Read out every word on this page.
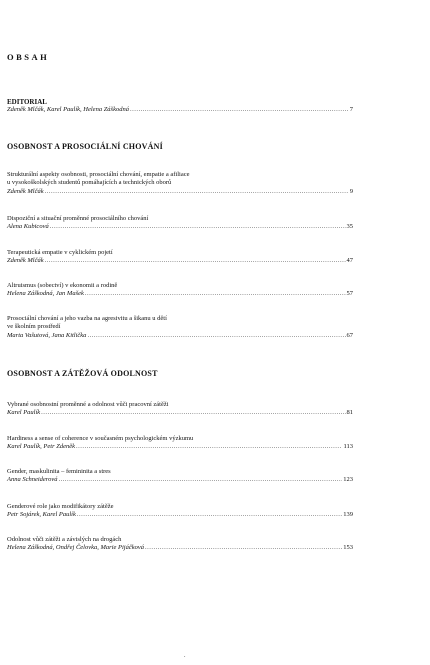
OBSAH
EDITORIAL
Zdeněk Mlčák, Karel Paulík, Helena Záškodná .....	7
OSOBNOST A PROSOCIÁLNÍ CHOVÁNÍ
Strukturální aspekty osobnosti, prosociální chování, empatie a afiliace
u vysokoškolských studentů pomáhajících a technických oborů
Zdeněk Mlčák .....	9
Dispoziční a situační proměnné prosociálního chování
Alena Kubicová .....	35
Terapeutická empatie v cyklickém pojetí
Zdeněk Mlčák .....	47
Altruismus (sobectví) v ekonomii a rodině
Helena Záškodná, Jan Mašek .....	57
Prosociální chování a jeho vazba na agresivitu a šikanu u dětí
ve školním prostředí
Marta Vašutová, Jana Kitlička .....	67
OSOBNOST A ZÁTĚŽOVÁ ODOLNOST
Vybrané osobnostní proměnné a odolnost vůči pracovní zátěži
Karel Paulík .....	81
Hardiness a sense of coherence v současném psychologickém výzkumu
Karel Paulík, Petr Zdeněk .....	113
Gender, maskulinita – femininita a stres
Anna Schneiderová .....	123
Genderové role jako modifikátory zátěže
Petr Sojárek, Karel Paulík .....	139
Odolnost vůči zátěži a závislých na drogách
Helena Záškodná, Ondřej Čelovka, Marie Pijáčková .....	153
.
